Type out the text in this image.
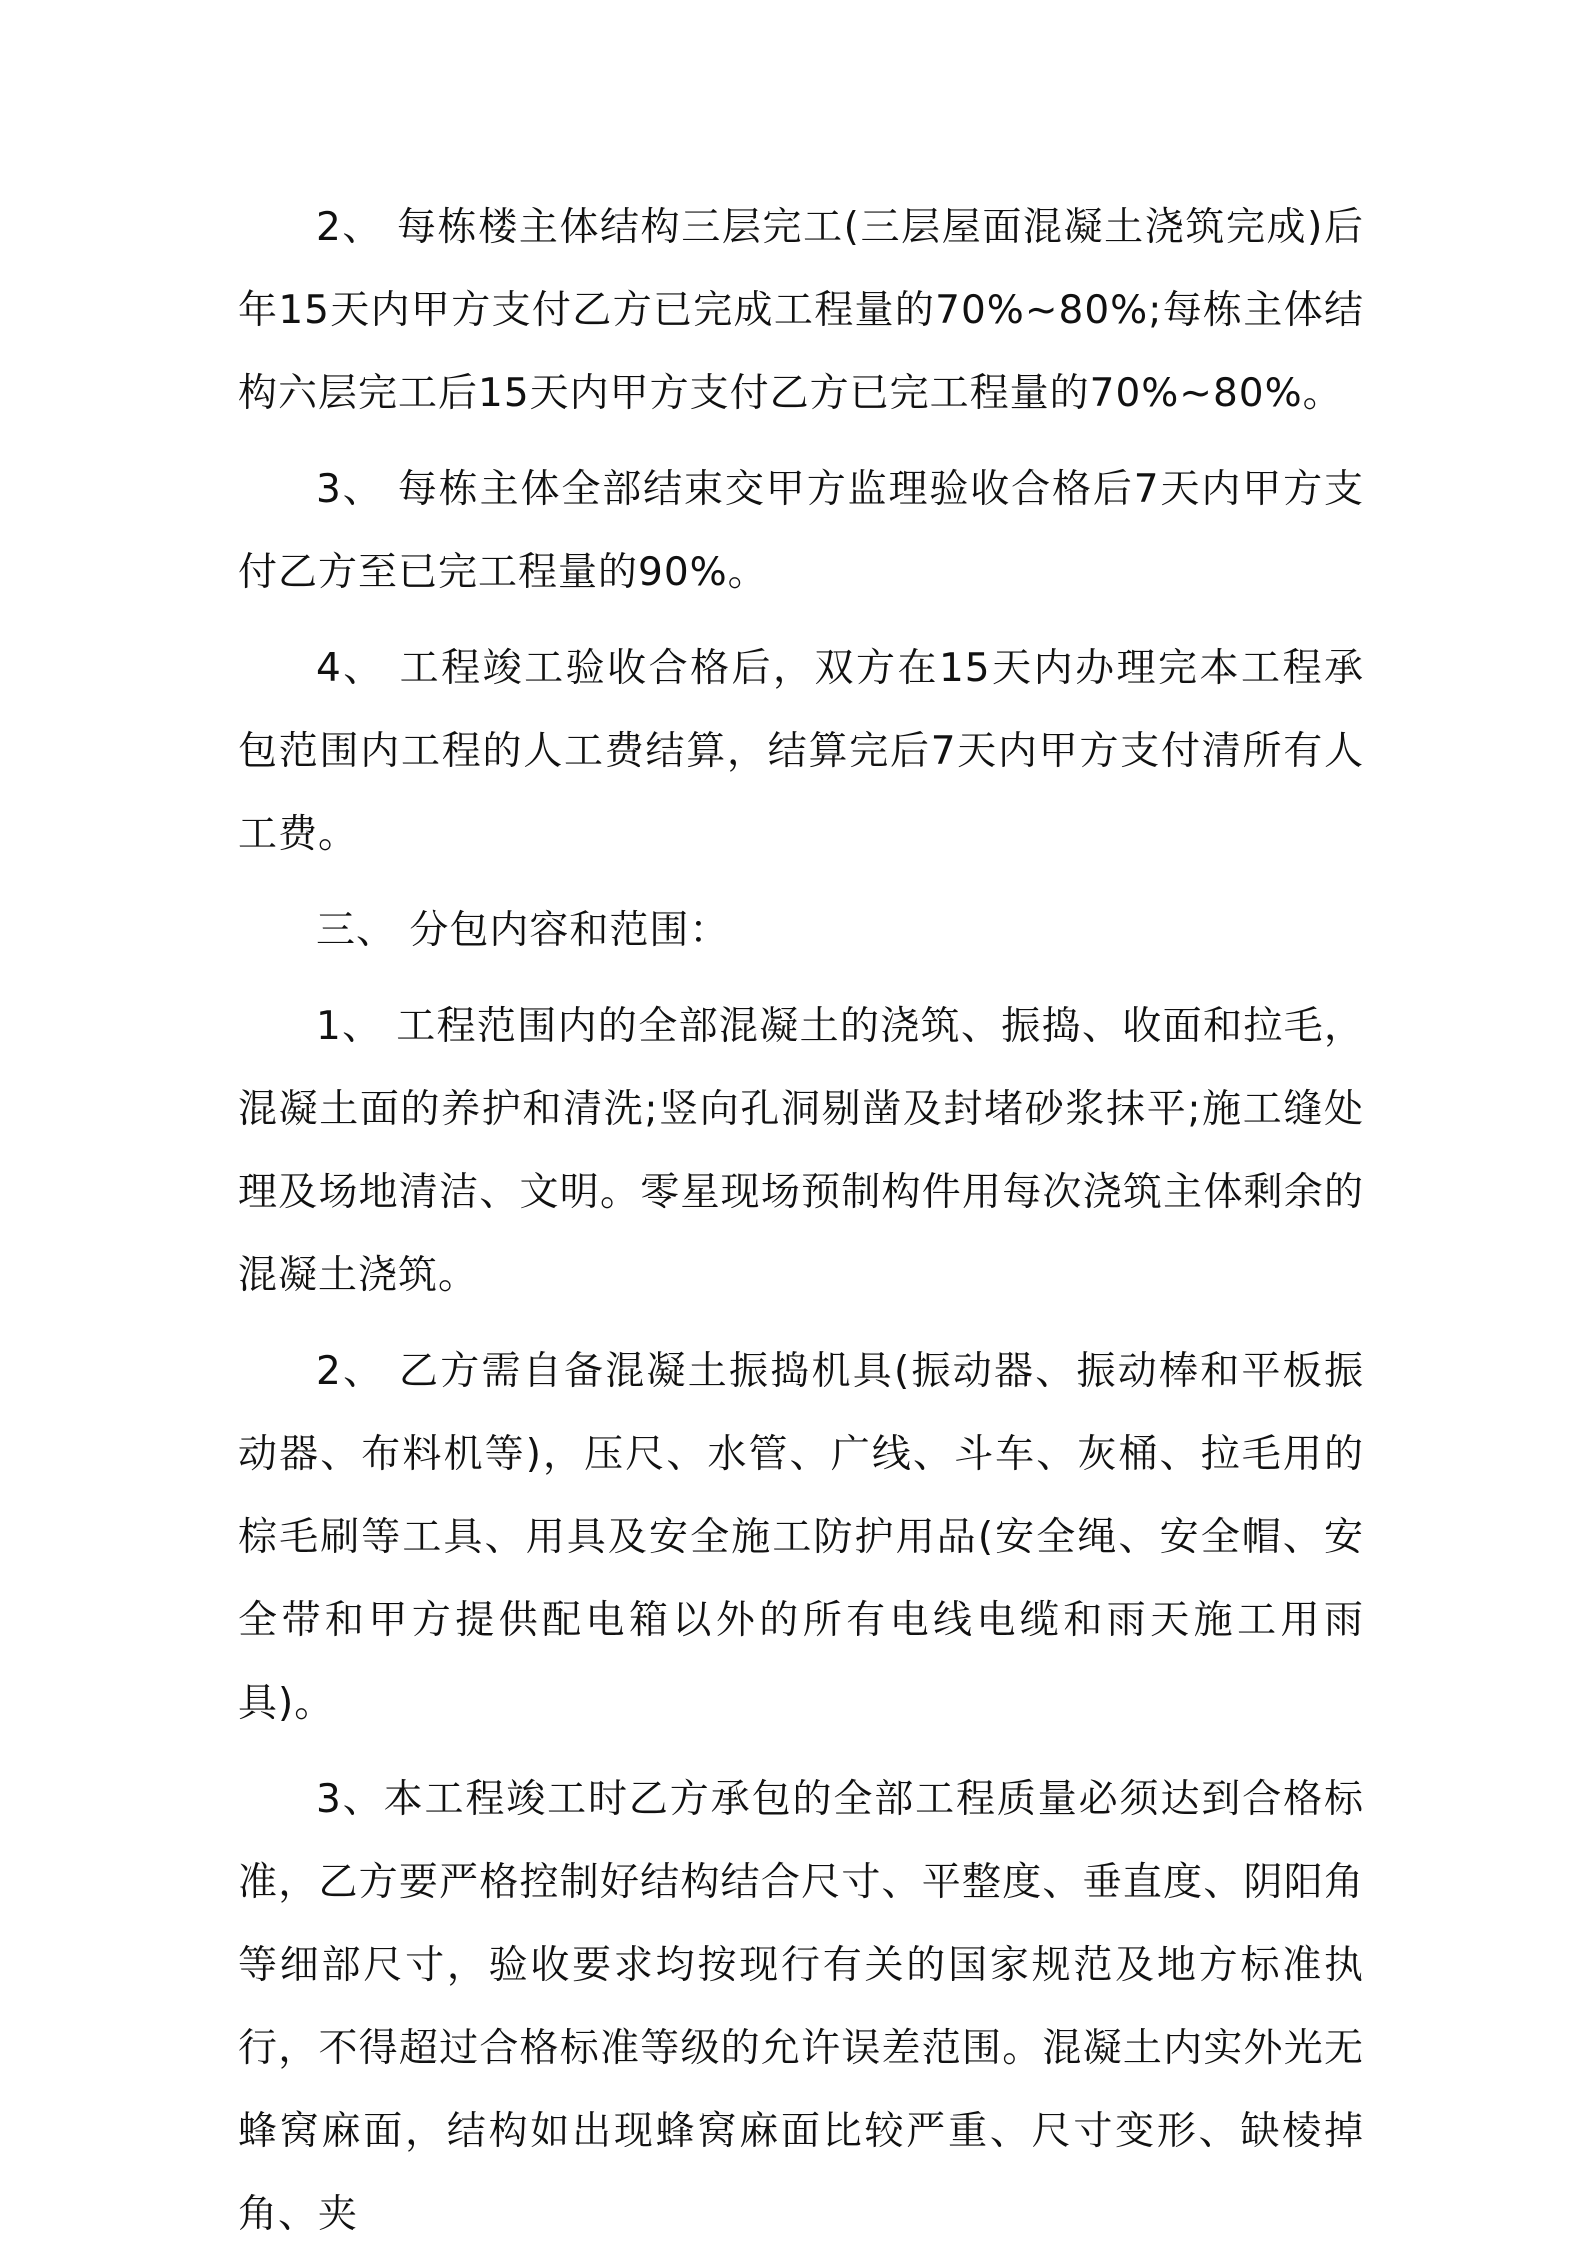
2、 每栋楼主体结构三层完工(三层屋面混凝土浇筑完成)后年15天内甲方支付乙方已完成工程量的70%~80%;每栋主体结构六层完工后15天内甲方支付乙方已完工程量的70%~80%。

3、 每栋主体全部结束交甲方监理验收合格后7天内甲方支付乙方至已完工程量的90%。

4、 工程竣工验收合格后，双方在15天内办理完本工程承包范围内工程的人工费结算，结算完后7天内甲方支付清所有人工费。

三、 分包内容和范围：

1、 工程范围内的全部混凝土的浇筑、振捣、收面和拉毛，混凝土面的养护和清洗;竖向孔洞剔凿及封堵砂浆抹平;施工缝处理及场地清洁、文明。零星现场预制构件用每次浇筑主体剩余的混凝土浇筑。

2、 乙方需自备混凝土振捣机具(振动器、振动棒和平板振动器、布料机等)，压尺、水管、广线、斗车、灰桶、拉毛用的棕毛刷等工具、用具及安全施工防护用品(安全绳、安全帽、安全带和甲方提供配电箱以外的所有电线电缆和雨天施工用雨具)。

3、本工程竣工时乙方承包的全部工程质量必须达到合格标准，乙方要严格控制好结构结合尺寸、平整度、垂直度、阴阳角等细部尺寸，验收要求均按现行有关的国家规范及地方标准执行，不得超过合格标准等级的允许误差范围。混凝土内实外光无蜂窝麻面，结构如出现蜂窝麻面比较严重、尺寸变形、缺棱掉角、夹
